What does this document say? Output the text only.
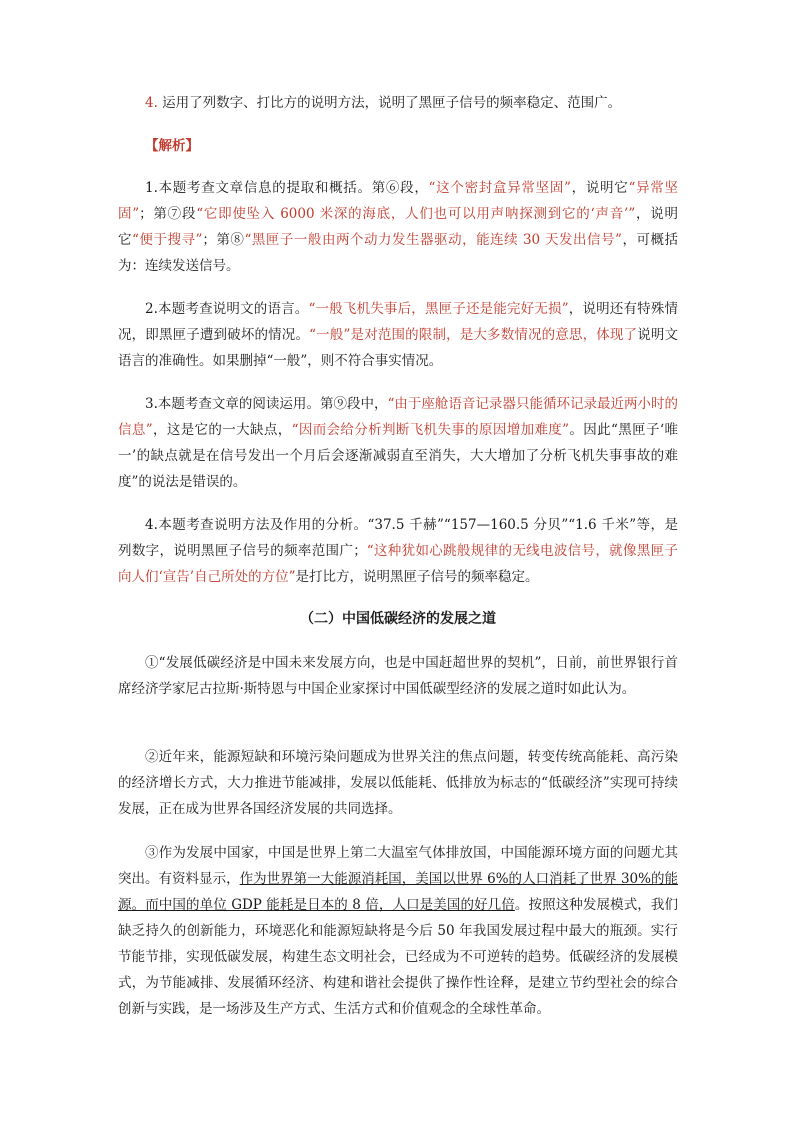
4. 运用了列数字、打比方的说明方法，说明了黑匣子信号的频率稳定、范围广。

【解析】

1.本题考查文章信息的提取和概括。第⑥段，“这个密封盒异常坚固”，说明它“异常坚固”；第⑦段“它即使坠入 6000 米深的海底，人们也可以用声呐探测到它的‘声音’”，说明它“便于搜寻”；第⑧“黑匣子一般由两个动力发生器驱动，能连续 30 天发出信号”，可概括为：连续发送信号。

2.本题考查说明文的语言。“一般飞机失事后，黑匣子还是能完好无损”，说明还有特殊情况，即黑匣子遭到破坏的情况。“一般”是对范围的限制，是大多数情况的意思，体现了说明文语言的准确性。如果删掉“一般”，则不符合事实情况。

3.本题考查文章的阅读运用。第⑨段中，“由于座舱语音记录器只能循环记录最近两小时的信息”，这是它的一大缺点，“因而会给分析判断飞机失事的原因增加难度”。因此“黑匣子‘唯一’的缺点就是在信号发出一个月后会逐渐减弱直至消失，大大增加了分析飞机失事事故的难度”的说法是错误的。

4.本题考查说明方法及作用的分析。“37.5 千赫”“157—160.5 分贝”“1.6 千米”等，是列数字，说明黑匣子信号的频率范围广；“这种犹如心跳般规律的无线电波信号，就像黑匣子向人们‘宣告’自己所处的方位”是打比方，说明黑匣子信号的频率稳定。

（二）中国低碳经济的发展之道

①“发展低碳经济是中国未来发展方向，也是中国赶超世界的契机”，日前，前世界银行首席经济学家尼古拉斯·斯特恩与中国企业家探讨中国低碳型经济的发展之道时如此认为。

②近年来，能源短缺和环境污染问题成为世界关注的焦点问题，转变传统高能耗、高污染的经济增长方式，大力推进节能减排，发展以低能耗、低排放为标志的“低碳经济”实现可持续发展，正在成为世界各国经济发展的共同选择。

③作为发展中国家，中国是世界上第二大温室气体排放国，中国能源环境方面的问题尤其突出。有资料显示，作为世界第一大能源消耗国，美国以世界 6%的人口消耗了世界 30%的能源。而中国的单位 GDP 能耗是日本的 8 倍，人口是美国的好几倍。按照这种发展模式，我们缺乏持久的创新能力，环境恶化和能源短缺将是今后 50 年我国发展过程中最大的瓶颈。实行节能节排，实现低碳发展，构建生态文明社会，已经成为不可逆转的趋势。低碳经济的发展模式，为节能减排、发展循环经济、构建和谐社会提供了操作性诠释，是建立节约型社会的综合创新与实践，是一场涉及生产方式、生活方式和价值观念的全球性革命。
